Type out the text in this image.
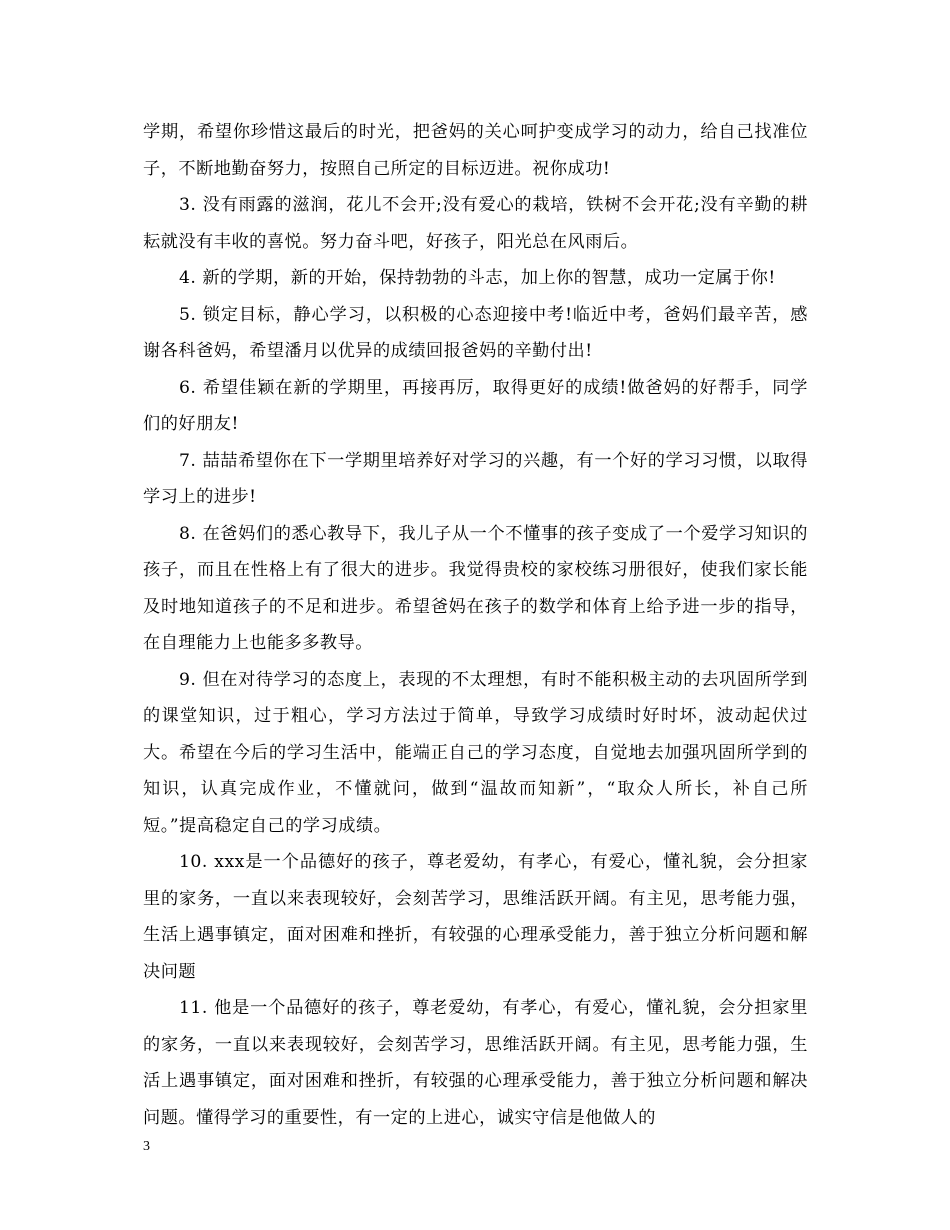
学期，希望你珍惜这最后的时光，把爸妈的关心呵护变成学习的动力，给自己找准位子，不断地勤奋努力，按照自己所定的目标迈进。祝你成功!

3. 没有雨露的滋润，花儿不会开;没有爱心的栽培，铁树不会开花;没有辛勤的耕耘就没有丰收的喜悦。努力奋斗吧，好孩子，阳光总在风雨后。

4. 新的学期，新的开始，保持勃勃的斗志，加上你的智慧，成功一定属于你!

5. 锁定目标，静心学习，以积极的心态迎接中考!临近中考，爸妈们最辛苦，感谢各科爸妈，希望潘月以优异的成绩回报爸妈的辛勤付出!

6. 希望佳颖在新的学期里，再接再厉，取得更好的成绩!做爸妈的好帮手，同学们的好朋友!

7. 喆喆希望你在下一学期里培养好对学习的兴趣，有一个好的学习习惯，以取得学习上的进步!

8. 在爸妈们的悉心教导下，我儿子从一个不懂事的孩子变成了一个爱学习知识的孩子，而且在性格上有了很大的进步。我觉得贵校的家校练习册很好，使我们家长能及时地知道孩子的不足和进步。希望爸妈在孩子的数学和体育上给予进一步的指导，在自理能力上也能多多教导。

9. 但在对待学习的态度上，表现的不太理想，有时不能积极主动的去巩固所学到的课堂知识，过于粗心，学习方法过于简单，导致学习成绩时好时坏，波动起伏过大。希望在今后的学习生活中，能端正自己的学习态度，自觉地去加强巩固所学到的知识，认真完成作业，不懂就问，做到“温故而知新”，“取众人所长，补自己所短。”提高稳定自己的学习成绩。

10. xxx是一个品德好的孩子，尊老爱幼，有孝心，有爱心，懂礼貌，会分担家里的家务，一直以来表现较好，会刻苦学习，思维活跃开阔。有主见，思考能力强，生活上遇事镇定，面对困难和挫折，有较强的心理承受能力，善于独立分析问题和解决问题

11. 他是一个品德好的孩子，尊老爱幼，有孝心，有爱心，懂礼貌，会分担家里的家务，一直以来表现较好，会刻苦学习，思维活跃开阔。有主见，思考能力强，生活上遇事镇定，面对困难和挫折，有较强的心理承受能力，善于独立分析问题和解决问题。懂得学习的重要性，有一定的上进心，诚实守信是他做人的

3
